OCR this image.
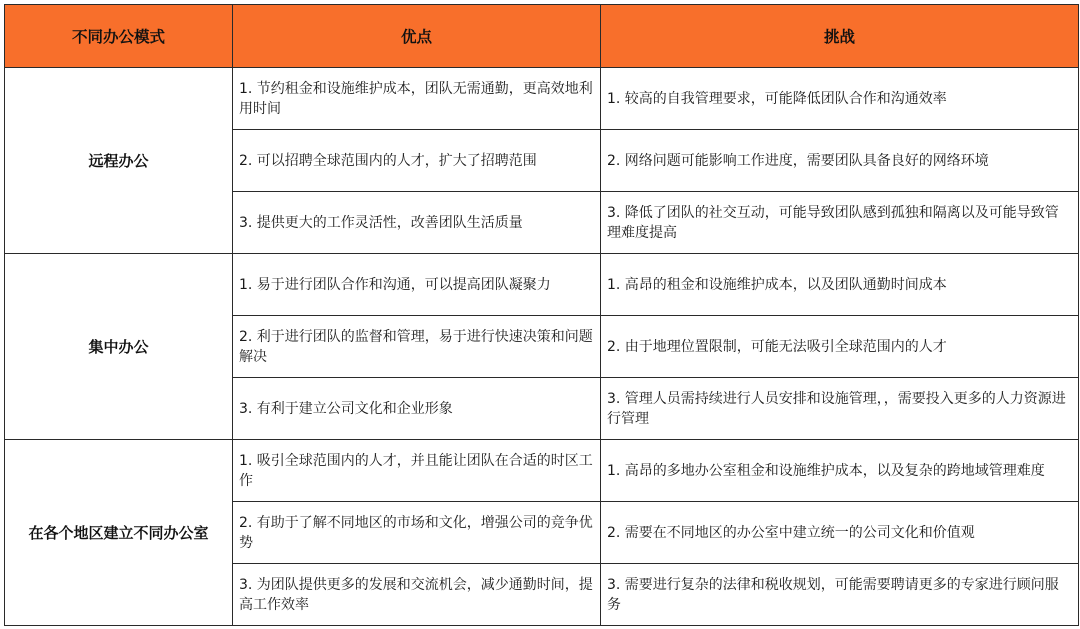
不同办公模式	优点	挑战
远程办公	1. 节约租金和设施维护成本，团队无需通勤，更高效地利用时间	1. 较高的自我管理要求，可能降低团队合作和沟通效率
	2. 可以招聘全球范围内的人才，扩大了招聘范围	2. 网络问题可能影响工作进度，需要团队具备良好的网络环境
	3. 提供更大的工作灵活性，改善团队生活质量	3. 降低了团队的社交互动，可能导致团队感到孤独和隔离以及可能导致管理难度提高
集中办公	1. 易于进行团队合作和沟通，可以提高团队凝聚力	1. 高昂的租金和设施维护成本，以及团队通勤时间成本
	2. 利于进行团队的监督和管理，易于进行快速决策和问题解决	2. 由于地理位置限制，可能无法吸引全球范围内的人才
	3. 有利于建立公司文化和企业形象	3. 管理人员需持续进行人员安排和设施管理，，需要投入更多的人力资源进行管理
在各个地区建立不同办公室	1. 吸引全球范围内的人才，并且能让团队在合适的时区工作	1. 高昂的多地办公室租金和设施维护成本，以及复杂的跨地域管理难度
	2. 有助于了解不同地区的市场和文化，增强公司的竞争优势	2. 需要在不同地区的办公室中建立统一的公司文化和价值观
	3. 为团队提供更多的发展和交流机会，减少通勤时间，提高工作效率	3. 需要进行复杂的法律和税收规划，可能需要聘请更多的专家进行顾问服务
